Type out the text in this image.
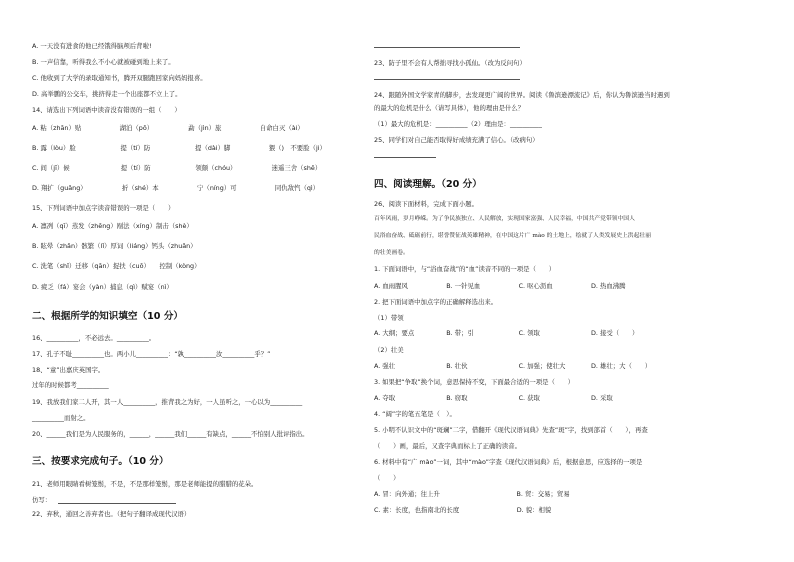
A. 一天没有进食的他已经饿得脑颅后背啦!
B. 一声信靠，听得我么不小心就被碰到地上来了。
C. 他收到了大学的录取通知书，腾开双腿跑回家向妈妈报喜。
D. 高举鹏的公交车，挑挤得走一个出座都不立上了。
14、请选出下列词语中读音没有错误的一组（　　）
A. 粘（zhān）贴　　　　　　湖泊（pō）　　　　　　勐（jìn）旅　　　　　　自命白灭（ài）
B. 露（lòu）脸　　　　　　　提（tí）防　　　　　　　提（dài）脚　　　　　　猥（)　不要脸（ji）
C. 间（jī）候　　　　　　　　提（tí）防　　　　　　　领颇（chóu）　　　　　　迷遥三舍（shě）
D. 翔扩（guǎng）　　　　　　折（shé）本　　　　　　宁（níng）可　　　　　　同仇敌忾（qì）
15、下列词语中加点字读音错误的一项是（　　）
A. 凛冽（qī）蒸发（zhēng）剐法（xíng）制击（shè）
B. 眩晕（zhǎn）骸繁（lǐ）厚词（liáng）钙头（zhuǎn）
C. 洗笔（shǐ）迁移（qān）捉扶（cuō）　　控制（kòng）
D. 疲乏（fá）宴会（yàn）捕息（qì）赋宴（nì）
二、根据所学的知识填空（10 分）
16、__________，不必远去。__________。
17、孔子不耻__________也。两小儿__________：“孰__________汝__________乎？”
18、“童”出嘉庆英国字。
过年的时候都考__________
19、我放我们家二人开，其一人__________，推背我之为好，一人虽听之，一心以为__________
__________而射之。
20、______我们是为人民服务的，______，______我们______有缺点，______不怕别人批评指出。
三、按要求完成句子。（10 分）
21、老师用眼睛看树笼鬃，不是，不是那样笼鬃，那是老师能提的腊腊的花朵。
仿写：
22、弃秋，通回之善弃者也。（把句子翻译成现代汉语）
23、防子里不会有人帮拙寻找小孤仙。（改为反问句）
24、跟随外国文学家青的脚步，去发现更广阔的世界。阅读《鲁滨逊漂流记》后，你认为鲁滨逊当时遇到
的最大的危机是什么（请写具体），他的理由是什么？
（1）最大的危机是：__________（2）理由是：__________
25、同学们对自己能否取得好成绩充满了信心。（改病句）
四、阅读理解。（20 分）
26、阅读下面材料，完成下面小题。
百年风雨，岁月峥嵘。为了争民族独立、人民解放，实现国家富强、人民幸福，中国共产党带领中国人
民浴血奋战、砥砺前行，堪誉赞征战英雄精神，在中国这片广 mào 的土地上，绘就了人类发展史上洪起壮丽
的壮美画卷。
1. 下面词语中，与“浴血奋战”的“血”读音不同的一项是（　　）
A. 血雨腥风　　　　　　B. 一针见血　　　　　　C. 呕心沥血　　　　　　D. 热血沸腾
2. 把下面词语中加点字的正确解释选出来。
（1）带领
A. 大纲；要点　　　　　B. 带；引　　　　　　　C. 领取　　　　　　　　D. 接受（　　）
（2）壮美
A. 强壮　　　　　　　　B. 壮伙　　　　　　　　C. 加强；使壮大　　　　D. 雄壮；大（　　）
3. 如果把“争取”换个词，意思保持不变，下面最合适的一项是（　　）
A. 夺取　　　　　　　　B. 窃取　　　　　　　　C. 获取　　　　　　　　D. 采取
4. “阔”字的笔五笔是（　）。
5. 小明不认识文中的“斑斓”二字，借翻开《现代汉语词典》先查“斑”字，找到部首（　　），再查
（　　）画，最后，又查字典而标上了正确的读音。
6. 材料中有“广 mào”一词，其中“mào”字查《现代汉语词典》后，根据意思，应选择的一项是
（　　）
A. 冒：向外通；往上升　　　　　　　　　　　　B. 贸：交易；贸易
C. 素：长度，也指南北的长度　　　　　　　　　D. 貌：相貌
